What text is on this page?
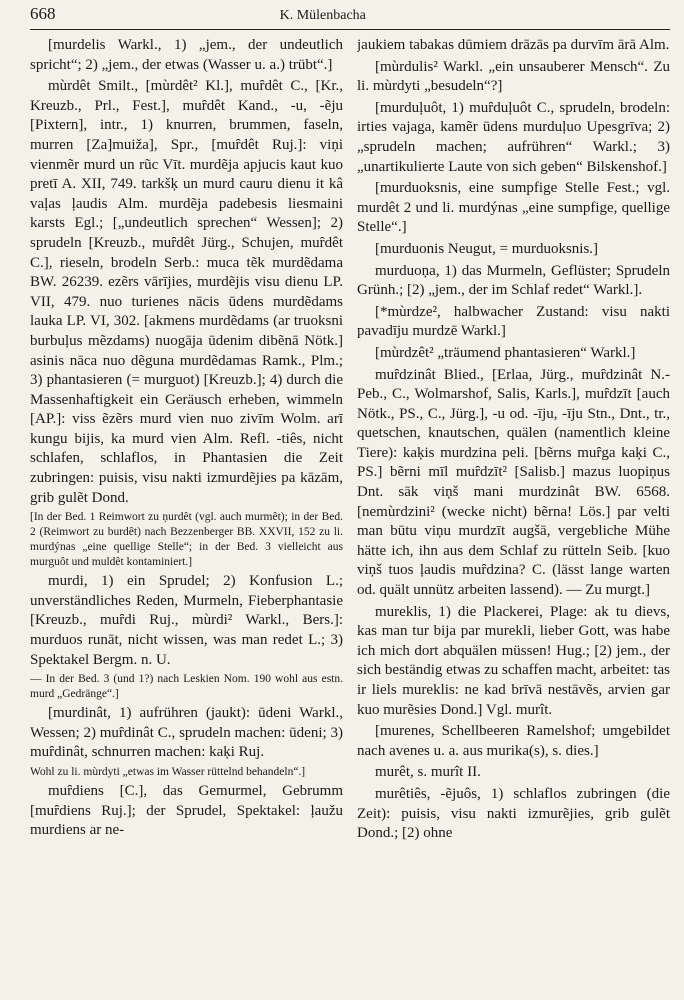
668	K. Mülenbacha

[murdelis Warkl., 1) „jem., der undeutlich spricht“; 2) „jem., der etwas (Wasser u. a.) trübt“.]

mùrdêt Smilt., [mùrdêt² Kl.], muȓdêt C., [Kr., Kreuzb., Prl., Fest.], muȓdêt Kand., -u, -ẽju [Pixtern], intr., 1) knurren, brummen, faseln, murren [Za]muiža], Spr., [muȓdêt Ruj.]: viņi vienmẽr murd un rũc Vīt. murdẽja apjucis kaut kuo pretī A. XII, 749. tarkšķ un murd cauru dienu it kâ vaļas ļaudis Alm. murdẽja padebesis liesmaini karsts Egl.; [„undeutlich sprechen“ Wessen]; 2) sprudeln [Kreuzb., muȓdêt Jürg., Schujen, muȓdêt C.], rieseln, brodeln Serb.: muca tẽk murdẽdama BW. 26239. ezẽrs vārījies, murdẽjis visu dienu LP. VII, 479. nuo turienes nācis ūdens murdẽdams lauka LP. VI, 302. [akmens murdẽdams (ar truoksni burbuļus mẽzdams) nuogāja ūdenim dibẽnā Nötk.] asinis nāca nuo dẽguna murdẽdamas Ramk., Plm.; 3) phantasieren (= murguot) [Kreuzb.]; 4) durch die Massenhaftigkeit ein Geräusch erheben, wimmeln [AP.]: viss ẽzẽrs murd vien nuo zivīm Wolm. arī kungu bijis, ka murd vien Alm. Refl. -tiês, nicht schlafen, schlaflos, in Phantasien die Zeit zubringen: puisis, visu nakti izmurdẽjies pa kāzām, grib gulẽt Dond.

[In der Bed. 1 Reimwort zu ņurdêt (vgl. auch murmêt); in der Bed. 2 (Reimwort zu burdêt) nach Bezzenberger BB. XXVII, 152 zu li. murdýnas „eine quellige Stelle“; in der Bed. 3 vielleicht aus murguôt und muldêt kontaminiert.]

murdi, 1) ein Sprudel; 2) Konfusion L.; unverständliches Reden, Murmeln, Fieberphantasie [Kreuzb., muȓdi Ruj., mùrdi² Warkl., Bers.]: murduos runāt, nicht wissen, was man redet L.; 3) Spektakel Bergm. n. U.

— In der Bed. 3 (und 1?) nach Leskien Nom. 190 wohl aus estn. murd „Gedränge“.]

[murdinât, 1) aufrühren (jaukt): ūdeni Warkl., Wessen; 2) muȓdinât C., sprudeln machen: ūdeni; 3) muȓdinât, schnurren machen: kaķi Ruj.

Wohl zu li. mùrdyti „etwas im Wasser rüttelnd behandeln“.]

muȓdiens [C.], das Gemurmel, Gebrumm [muȓdiens Ruj.]; der Sprudel, Spektakel: ļaužu murdiens ar ne-

jaukiem tabakas dūmiem drāzās pa durvīm ārā Alm.

[mùrdulis² Warkl. „ein unsauberer Mensch“. Zu li. mùrdyti „besudeln“?]

[murduļuôt, 1) muȓduļuôt C., sprudeln, brodeln: irties vajaga, kamẽr ūdens murduļuo Upesgrīva; 2) „sprudeln machen; aufrühren“ Warkl.; 3) „unartikulierte Laute von sich geben“ Bilskenshof.]

[murduoksnis, eine sumpfige Stelle Fest.; vgl. murdêt 2 und li. murdýnas „eine sumpfige, quellige Stelle“.]

[murduonis Neugut, = murduoksnis.]

murduoņa, 1) das Murmeln, Geflüster; Sprudeln Grünh.; [2) „jem., der im Schlaf redet“ Warkl.].

[*mùrdze², halbwacher Zustand: visu nakti pavadīju murdzē Warkl.]

[mùrdzêt² „träumend phantasieren“ Warkl.]

muȓdzinât Blied., [Erlaa, Jürg., muȓdzinât N.-Peb., C., Wolmarshof, Salis, Karls.], muȓdzīt [auch Nötk., PS., C., Jürg.], -u od. -īju, -īju Stn., Dnt., tr., quetschen, knautschen, quälen (namentlich kleine Tiere): kaķis murdzina peli. [bẽrns muȓga kaķi C., PS.] bẽrni mīl muȓdzīt² [Salisb.] mazus luopiņus Dnt. sāk viņš mani murdzinât BW. 6568. [nemùrdzini² (wecke nicht) bẽrna! Lös.] par velti man būtu viņu murdzīt augšā, vergebliche Mühe hätte ich, ihn aus dem Schlaf zu rütteln Seib. [kuo viņš tuos ļaudis muȓdzina? C. (lässt lange warten od. quält unnütz arbeiten lassend). — Zu murgt.]

mureklis, 1) die Plackerei, Plage: ak tu dievs, kas man tur bija par murekli, lieber Gott, was habe ich mich dort abquälen müssen! Hug.; [2) jem., der sich beständig etwas zu schaffen macht, arbeitet: tas ir liels mureklis: ne kad brīvā nestāvẽs, arvien gar kuo murẽsies Dond.] Vgl. murît.

[murenes, Schellbeeren Ramelshof; umgebildet nach avenes u. a. aus murika(s), s. dies.]

murêt, s. murît II.

murêtiês, -ẽjuôs, 1) schlaflos zubringen (die Zeit): puisis, visu nakti izmurẽjies, grib gulẽt Dond.; [2) ohne
